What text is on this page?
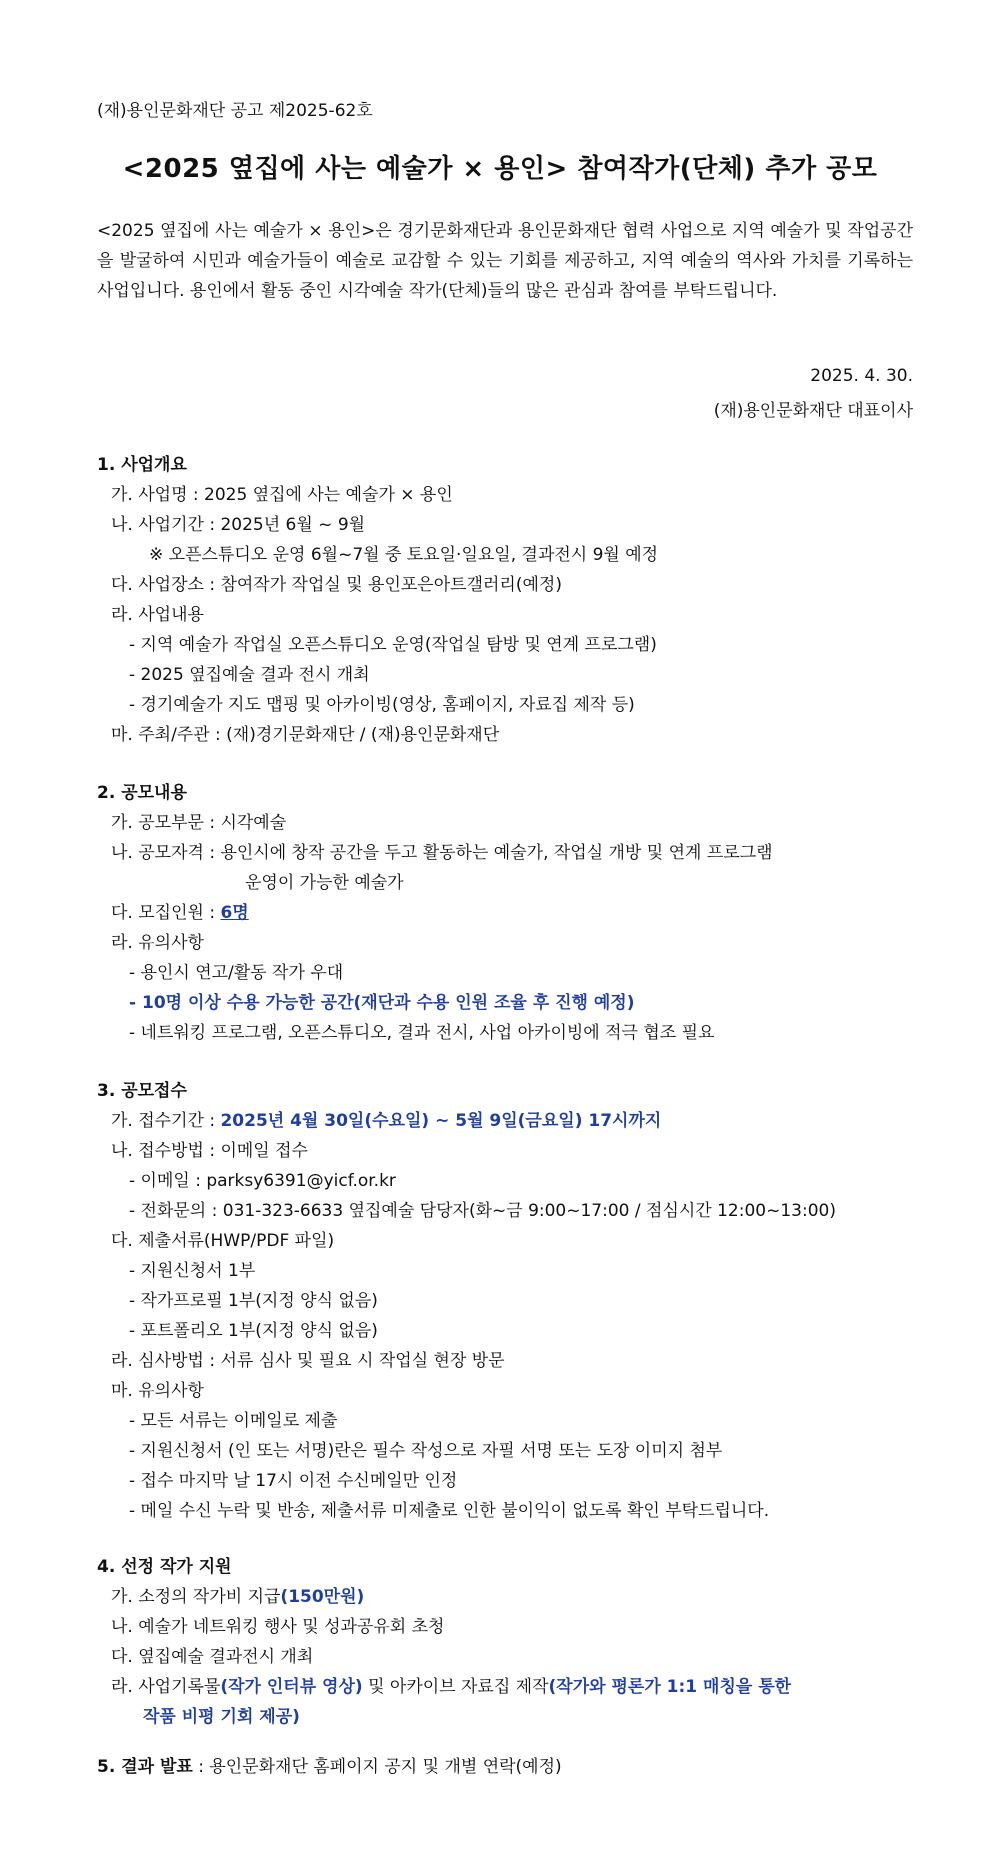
(재)용인문화재단 공고 제2025-62호
<2025 옆집에 사는 예술가 × 용인> 참여작가(단체) 추가 공모
<2025 옆집에 사는 예술가 × 용인>은 경기문화재단과 용인문화재단 협력 사업으로 지역 예술가 및 작업공간을 발굴하여 시민과 예술가들이 예술로 교감할 수 있는 기회를 제공하고, 지역 예술의 역사와 가치를 기록하는 사업입니다. 용인에서 활동 중인 시각예술 작가(단체)들의 많은 관심과 참여를 부탁드립니다.
2025. 4. 30.
(재)용인문화재단 대표이사
1. 사업개요
가. 사업명 : 2025 옆집에 사는 예술가 × 용인
나. 사업기간 : 2025년 6월 ~ 9월
※ 오픈스튜디오 운영 6월~7월 중 토요일·일요일, 결과전시 9월 예정
다. 사업장소 : 참여작가 작업실 및 용인포은아트갤러리(예정)
라. 사업내용
- 지역 예술가 작업실 오픈스튜디오 운영(작업실 탐방 및 연계 프로그램)
- 2025 옆집예술 결과 전시 개최
- 경기예술가 지도 맵핑 및 아카이빙(영상, 홈페이지, 자료집 제작 등)
마. 주최/주관 : (재)경기문화재단 / (재)용인문화재단
2. 공모내용
가. 공모부문 : 시각예술
나. 공모자격 : 용인시에 창작 공간을 두고 활동하는 예술가, 작업실 개방 및 연계 프로그램
운영이 가능한 예술가
다. 모집인원 : 6명
라. 유의사항
- 용인시 연고/활동 작가 우대
- 10명 이상 수용 가능한 공간(재단과 수용 인원 조율 후 진행 예정)
- 네트워킹 프로그램, 오픈스튜디오, 결과 전시, 사업 아카이빙에 적극 협조 필요
3. 공모접수
가. 접수기간 : 2025년 4월 30일(수요일) ~ 5월 9일(금요일) 17시까지
나. 접수방법 : 이메일 접수
- 이메일 : parksy6391@yicf.or.kr
- 전화문의 : 031-323-6633 옆집예술 담당자(화~금 9:00~17:00 / 점심시간 12:00~13:00)
다. 제출서류(HWP/PDF 파일)
- 지원신청서 1부
- 작가프로필 1부(지정 양식 없음)
- 포트폴리오 1부(지정 양식 없음)
라. 심사방법 : 서류 심사 및 필요 시 작업실 현장 방문
마. 유의사항
- 모든 서류는 이메일로 제출
- 지원신청서 (인 또는 서명)란은 필수 작성으로 자필 서명 또는 도장 이미지 첨부
- 접수 마지막 날 17시 이전 수신메일만 인정
- 메일 수신 누락 및 반송, 제출서류 미제출로 인한 불이익이 없도록 확인 부탁드립니다.
4. 선정 작가 지원
가. 소정의 작가비 지급(150만원)
나. 예술가 네트워킹 행사 및 성과공유회 초청
다. 옆집예술 결과전시 개최
라. 사업기록물(작가 인터뷰 영상) 및 아카이브 자료집 제작(작가와 평론가 1:1 매칭을 통한
작품 비평 기회 제공)
5. 결과 발표 : 용인문화재단 홈페이지 공지 및 개별 연락(예정)
